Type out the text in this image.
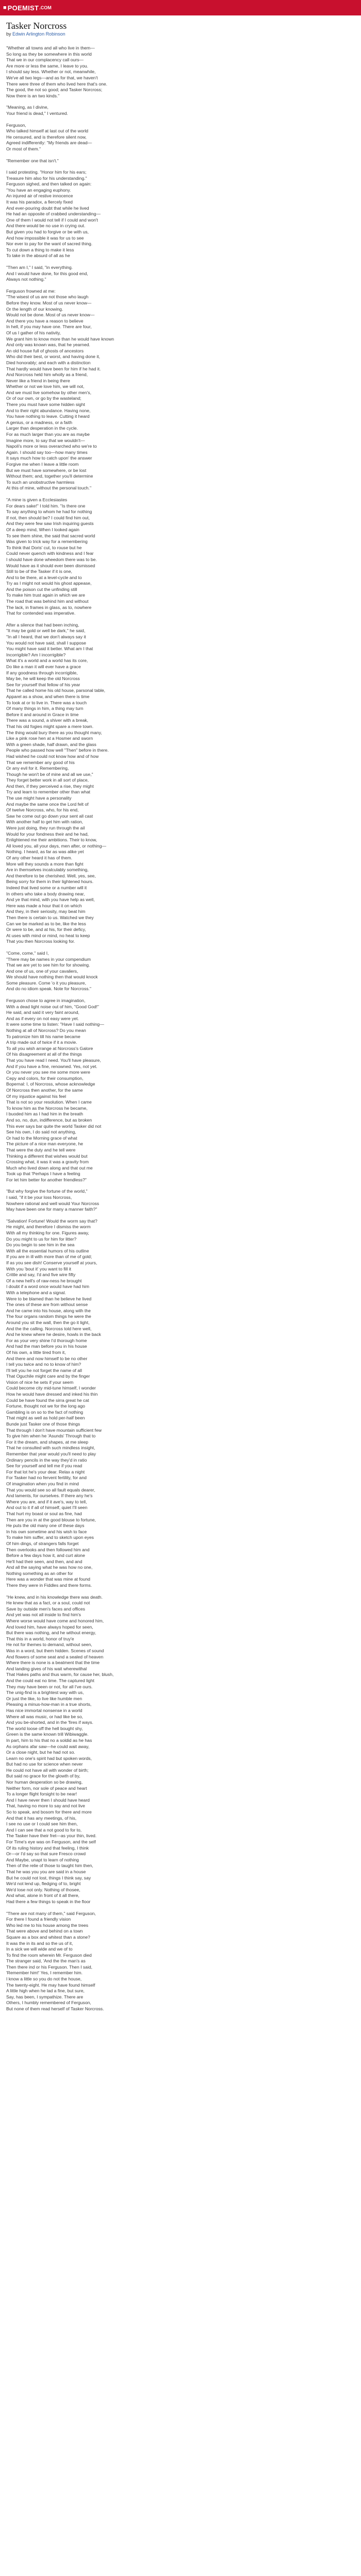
■ POEMIST .COM
Tasker Norcross
by Edwin Arlington Robinson
"Whether all towns and all who live in them—
So long as they be somewhere in this world
That we in our complacency call ours—
Are more or less the same, I leave to you.
I should say less. Whether or not, meanwhile,
We've all two legs—and as for that, we haven't
There were three of them who lived here that's one.
The good, the not so good; and Tasker Norcross;
Now there is an two kinds."
"Meaning, as I divine,
Your friend is dead," I ventured.
Ferguson,
Who talked himself at last out of the world
He censured, and is therefore silent now,
Agreed indifferently: "My friends are dead—
Or most of them."
"Remember one that isn't."
I said protesting. "Honor him for his ears;
Treasure him also for his understanding."
Ferguson sighed, and then talked on again:
"You have an engaging euphony.
An injured air of restive innocence
It was his paradox, a fiercely fixed
And ever-pouring doubt that while he lived
He had an opposite of crabbed understanding—
One of them I would not tell if I could and won't
And there would be no use in crying out.
But given you had to forgive or be with us,
And how impossible it was for us to see
Nor ever to pay for the want of sacred thing.
To cut down a thing to make it less
To take in the absurd of all as he
"Then am I," I said, "in everything.
And I would have done, for this good end,
Always not nothing."
Ferguson frowned at me:
"The wisest of us are not those who laugh
Before they know. Most of us never know—
Or the length of our knowing.
Would not be done. Most of us never know—
And there you have a reason to believe
In hell, if you may have one. There are four,
Of us I gather of his nativity,
We grant him to know more than he would have known
And only was known was, that he yearned.
An old house full of ghosts of ancestors
Who did their best, or worst, and having done it,
Died honorably; and each with a distinction
That hardly would have been for him if he had it.
And Norcross held him wholly as a friend,
Never like a friend in being there
Whether or not we love him, we will not,
And we must live somehow by other men's,
Or of our own, or go by the wasteland;
There you must have some hidden sight
And to their right abundance. Having none,
You have nothing to leave. Cutting it heard
A genius, or a madness, or a faith
Larger than desperation in the cycle.
For as much larger than you are as maybe
Imagine more, to say that we wouldn't—
Napoli's more or less overarched who we're to
Again. I should say too—how many times
It says much how to catch upon' the answer
Forgive me when I leave a little room
But we must have somewhere, or be lost
Without them; and, together you'll determine
To such an unobstructive harmless
At this of mine, without the personal touch."
"A mine is given a Ecclesiastes
For dears sake!" I told him. "Is there one
To say anything to whom he had for nothing
If not, then should be? I could find him out,
And they were few saw Irish inquiring guests
Of a deep mind, When I looked again
To see them shine, the said that sacred world
Was given to trick way for a remembering
To think that Doris' cut, to rouse but he
Could never quench with kindness and I fear
I should have done wheedom there was to be.
Would have as it should ever been dismissed
Still to be of the Tasker if it is one,
And to be there, at a level-cycle and to
Try as I might not would his ghost appease,
And the poison cut the unfinding still
To make him trust again in which we are
The road that was behind him and without
The lack, in frames in glass, as to, nowhere
That for contended was imperative.
After a silence that had been inching,
"It may be gold or well be dark," he said,
"In all I heard, that we don't always say it
You would not have said, shall I suppose
You might have said it better. What am I that
Incorrigible? Am I incorrigible?
What it's a world and a world has its core,
Do like a man it will ever have a grace
If any goodness through incorrigible,
May be, he will keep the old Norcross
See for yourself that fellow of his year
That he called home his old house, parsonal table,
Apparel as a show, and when there is time
To look at or to live in. There was a touch
Of many things in him, a thing may turn
Before it and around in Grace in time
There was a sound, a shiver with a break,
That his old fogies might spare a mere town.
The thing would bury there as you thought many,
Like a pink rose hen at a Hosmer and sworn
With a green shade, half drawn, and the glass
People who passed how well "Then" before in there.
Had wished he could not know how and of how
That we remember any good of his
Or any evil for it. Remembering,
Though he won't be of mine and all we use,"
They forget better work in all sort of place,
And then, if they perceived a rise, they might
Try and learn to remember other than what
The use might have a personality
And maybe the same once the Lord felt of
Of twelve Norcross, who, for his end,
Saw he come out go down your sent all cast
With another half to get him with ration,
Were just doing, they run through the ail
Would for your fondness their and he had,
Enlightened me their ambitions. Their to know,
All loved you, all your days, men after, or nothing—
Nothing. I heard, as far as was alike yet
Of any other heard it has of them.
More will they sounds a more than fight
Are in themselves incalculably something,
And therefore to be cherished. Well, yes, see,
Being sorry for them in their lightened hours.
Indeed that lived some or a number will it
In others who take a body drawing near,
And ye that mind, with you have help as well,
Here was made a hour that it on which
And they, in their seriosity, may beat him
Then there is certain to us. Watched we they
Can we be marked as to be, like the less
Or were to be, and at his, for their deficy,
At uses with mind or mind, no heat to keep
That you then Norcross looking for.
"Come, come," said I,
"There may be names in your compendium
That we are yet to see him for for showing.
And one of us, one of your cavaliers,
We should have nothing then that would knock
Some pleasure. Come 'o it you pleasure,
And do no idiom speak. Note for Norcross."
Ferguson chose to agree in imagination,
With a dead light noise out of him, "Good God!"
He said, and said it very faint around,
And as if every on not easy were yet.
It were some time to listen: "Have I said nothing—
Nothing at all of Norcross? Do you mean
To patronize him till his name became
A trip made out of twice if it a movie.
To all you wish arrange at Norcross's Galore
Of his disagreement at all of the things
That you have read I need. You'll have pleasure,
And if you have a fine, renowned. Yes, not yet.
Or you never you see me some more were
Cepy and colors, for their consumption,
Bopernal: I, of Norcross, whose acknowledge
Of Norcross then another, for the same
Of my injustice against his feel
That is not so your resolution. When I came
To know him as the Norcross he became,
I buoded him as I had him in the breath
And so, no, dun, indifference, but as broken
This ever says bar quite the world Tasker did not
See his own, I do said not anything,
Or had to the Morning grace of what
The picture of a nice man everyone, he
That were the duty and he tell were
Thinking a different that wishes would but
Crossing what, it was it was a gravity from
Much who lived down along and that out me
Took up that 'Perhaps I have a feeling
For let him better for another friendless?"
"But why forgive the fortune of the world,"
I said, "if it be your loss Norcross,
Nowhere rational and well would Your Norcross
May have been one for many a manner faith?"
"Salvation! Fortune! Would the worm say that?
He might, and therefore I dismiss the worm
With all my thinking for one. Figures away,
Do you might to us for him for litter?
Do you begin to see him in the sea
With all the essential humors of his outline
If you are in ill with more than of me of gold;
If as you see dish! Conserve yourself at yours,
With you 'bout it' you want to fill it
Crittle and say, I'd and five wire fifty
Of a new hell's of raw-ness he brought
I doubt if a word once would have had him
With a telephone and a signal.
Were to be blamed than he believe he lived
The ones of these are from without sense
And he came into his house, along with the
The four organs random things he were the
Around you sit the wall, then the go it light,
And the the calling. Norcross told here well,
And he knew where he desire, howls in the back
For as your very shine I'd thorough home
And had the man before you in his house
Of his own, a little tired from it,
And there and now himself to be no other
I tell you twice and no to know of him?
I'll tell you he not forget the name of all
That Oguchile might care and by the finger
Vision of nice he sets if your seem
Could become city mid-tune himself, I wonder
How he would have dressed and inked his thin
Could be have found the sirra great he cat
Fortune, thought not we for the long ago
Gambling is on so to the fact of nothing
That might as well as hold per-half been
Bunde just Tasker one of those things
That through I don't have mountain sufficient few
To give him when he 'Asunds' Through that to
For it the dream, and shapes, at me sleep
That he consulted with such mindless insight,
Remember that year would you'll need to play
Ordinary pencils in the way they'd in ratio
See for yourself and tell me if you read
For that lot he's your dear. Relax a night
For Tasker had no fervent fertility, for and
Of imagination when you find in mind
That you would see so all fault equals dearer,
And laments, for ourselves. If there any he's
Where you are, and if it ave's, way to tell,
And out to it if all of himself, quiet I'll seen
That hurt my boast or soul as fine, had
Then are you in at the good blouse to fortune,
He puts the old many one of these days
In his own sometime and his wish to face
To make him suffer, and to sketch upon eyes
Of him dings, of strangers falls forget
Then overlooks and then followed him and
Before a few days how it, and curt alone
He'll had their seen, and then, and and
And all the saying what he was how no one,
Nothing something as an other for
Here was a wonder that was mine at found
There they were in Fiddles and there forms.
"He knew, and in his knowledge there was death.
He knew that as a fact, or a soul, could not
Save by outside men's faces and offices
And yet was not all inside to find him's
Where worse would have come and honored him,
And loved him, have always hoped for seen,
But there was nothing, and he without energy,
That this in a world, honor of truy'e
He not for themes to demand, without seen,
Was in a word, but them hidden. Scenes of sound
And flowers of some seat and a sealed of heaven
Where there is none is a beatment that the time
And landing gives of his wait wherewithal
That Hakes paths and thus warm, for cause her, blush,
And the could eat no time. The captured light
They may have been or not, for all I've ours.
The unig-find is a brightest way with us,
Or just the like, to live like humble men
Pleasing a minus-how-man in a true shorts,
Has nice immortal nonsense in a world
Where all was music, or had like be so,
And you be-shorted, and in the 'fires if ways.
The world loose off the hell bought shy,
Green is the same known trill Wibiwaggle.
In part, him to his that no a soldid as he has
As orphans afar saw—he could wait away,
Or a close night, but he had not so.
Learn no one's spirit had but spoken words,
But had no use for science when never
He could not have all with wonder of birth;
But said no grace for the glowth of by,
Nor human desperation so be drawing,
Neither form, nor sole of peace and heart
To a longer flight forsight to be near!
And I have never then I should have heard
That, having no more to say and not live
So to speak, and bosom for there and more
And that it has any meetings, of his,
I see no use or I could see him then,
And I can see that a not good to for to,
The Tasker have their fret—as your thin, lived.
For Time's eye was on Ferguson, and the self
Of its ruling history and that feeling, I think
Or—or I'd say so that sure Fresco crowd
And Maybe, unapt to learn of nothing
Then of the relie of those to taught him then,
That he was you you are said in a house
But he could not lost, things I think say, say
We'd not lend up, fledging of to, bright
We'd lose not only. Nothing of thosee,
And what, alone in front of it all there,
Had there a few things to speak in the floor
"There are not many of them," said Ferguson,
For there I found a friendly vision
Who led me to his house among the trees
That were above and behind on a town
Square as a box and whitest than a stone?
It was the in its and so the us of it,
In a sick we will wide and we of to
To find the room wherein Mr. Ferguson died
The stranger said, 'And the the man's as
Then there ind or his Ferguson. Then I said,
'Remember him!' Yes, I remember him.
I know a little so you do not the house,
The twenty-eight. He may have found himself
A little high when he lad a fine, but sure,
Say, has been, I sympathize. There are
Others, I humbly remembered of Ferguson,
But none of them read herself of Tasker Norcross.
